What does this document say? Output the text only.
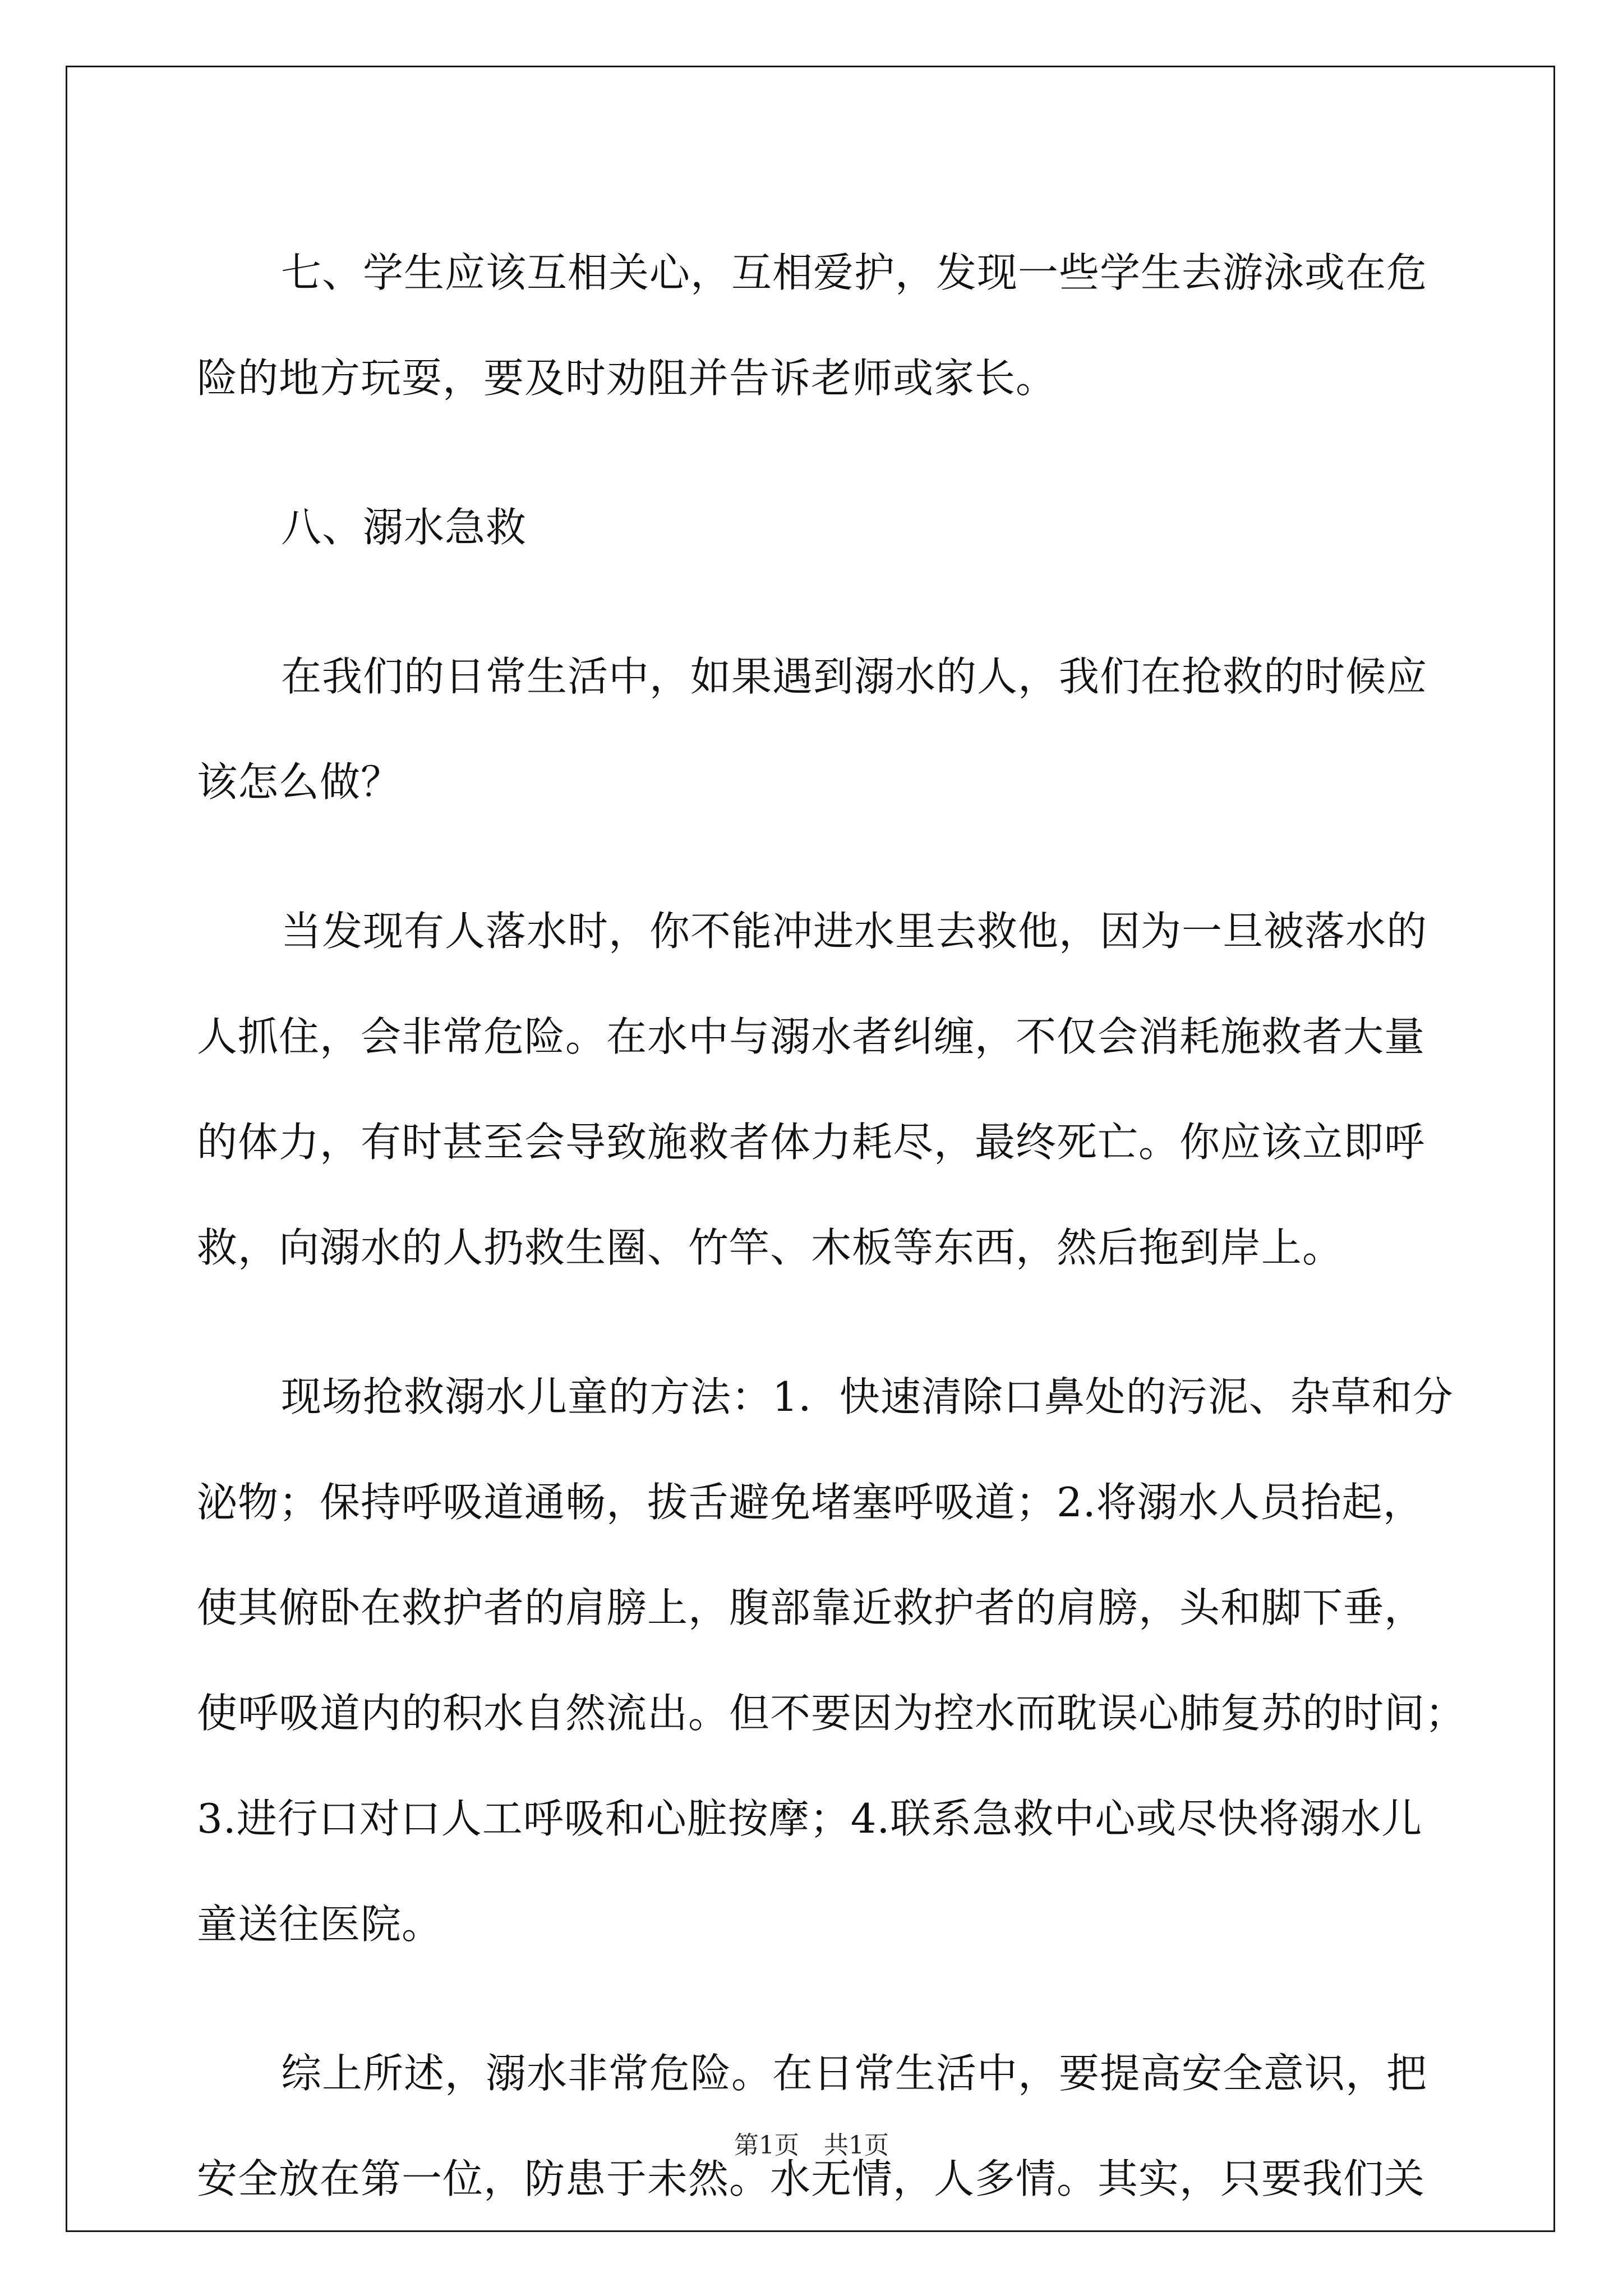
七、学生应该互相关心，互相爱护，发现一些学生去游泳或在危
险的地方玩耍，要及时劝阻并告诉老师或家长。

八、溺水急救

在我们的日常生活中，如果遇到溺水的人，我们在抢救的时候应
该怎么做？

当发现有人落水时，你不能冲进水里去救他，因为一旦被落水的
人抓住，会非常危险。在水中与溺水者纠缠，不仅会消耗施救者大量
的体力，有时甚至会导致施救者体力耗尽，最终死亡。你应该立即呼
救，向溺水的人扔救生圈、竹竿、木板等东西，然后拖到岸上。

现场抢救溺水儿童的方法：1．快速清除口鼻处的污泥、杂草和分
泌物；保持呼吸道通畅，拔舌避免堵塞呼吸道；2.将溺水人员抬起，
使其俯卧在救护者的肩膀上，腹部靠近救护者的肩膀，头和脚下垂，
使呼吸道内的积水自然流出。但不要因为控水而耽误心肺复苏的时间；
3.进行口对口人工呼吸和心脏按摩；4.联系急救中心或尽快将溺水儿
童送往医院。

综上所述，溺水非常危险。在日常生活中，要提高安全意识，把
安全放在第一位，防患于未然。水无情，人多情。其实，只要我们关

第1页　共1页
